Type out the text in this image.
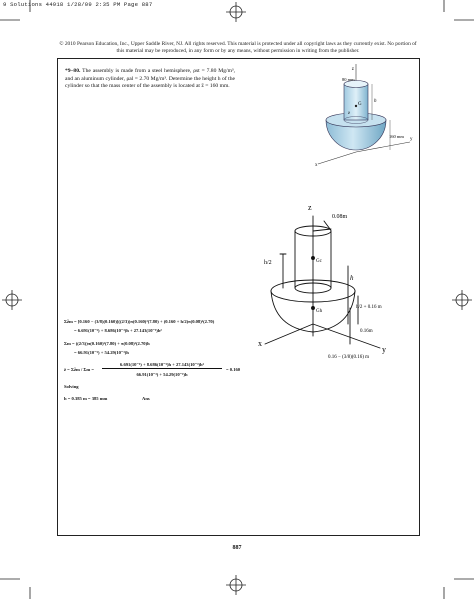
9 Solutions 44918 1/28/09 2:35 PM Page 887
© 2010 Pearson Education, Inc., Upper Saddle River, NJ. All rights reserved. This material is protected under all copyright laws as they currently exist. No portion of this material may be reproduced, in any form or by any means, without permission in writing from the publisher.
*9–80. The assembly is made from a steel hemisphere, ρst = 7.80 Mg/m³, and an aluminum cylinder, ρal = 2.70 Mg/m³. Determine the height h of the cylinder so that the mass center of the assembly is located at z̄ = 160 mm.
z
x
y
G
z̄
80 mm
h
160 mm
z
x
y
0.08m
h/2
h
Gc
Gh
h/2 + 0.16 m
0.16m
0.16 − (3/8)(0.16) m
Σz̃m = [0.160 − (3/8)(0.160)]((2/3))π(0.160)³(7.80) + (0.160 + h/2)π(0.08)²(2.70)
= 6.691(10⁻³) + 8.686(10⁻³)h + 27.143(10⁻³)h²
Σm = ((2/3))π(0.160)³(7.80) + π(0.08)²(2.70)h
= 66.91(10⁻³) + 54.29(10⁻³)h
z̄ = Σz̃m / Σm =
6.691(10⁻³) + 8.686(10⁻³)h + 27.143(10⁻³)h²
66.91(10⁻³) + 54.29(10⁻³)h
= 0.160
Solving
h = 0.385 m = 385 mm	Ans
887
